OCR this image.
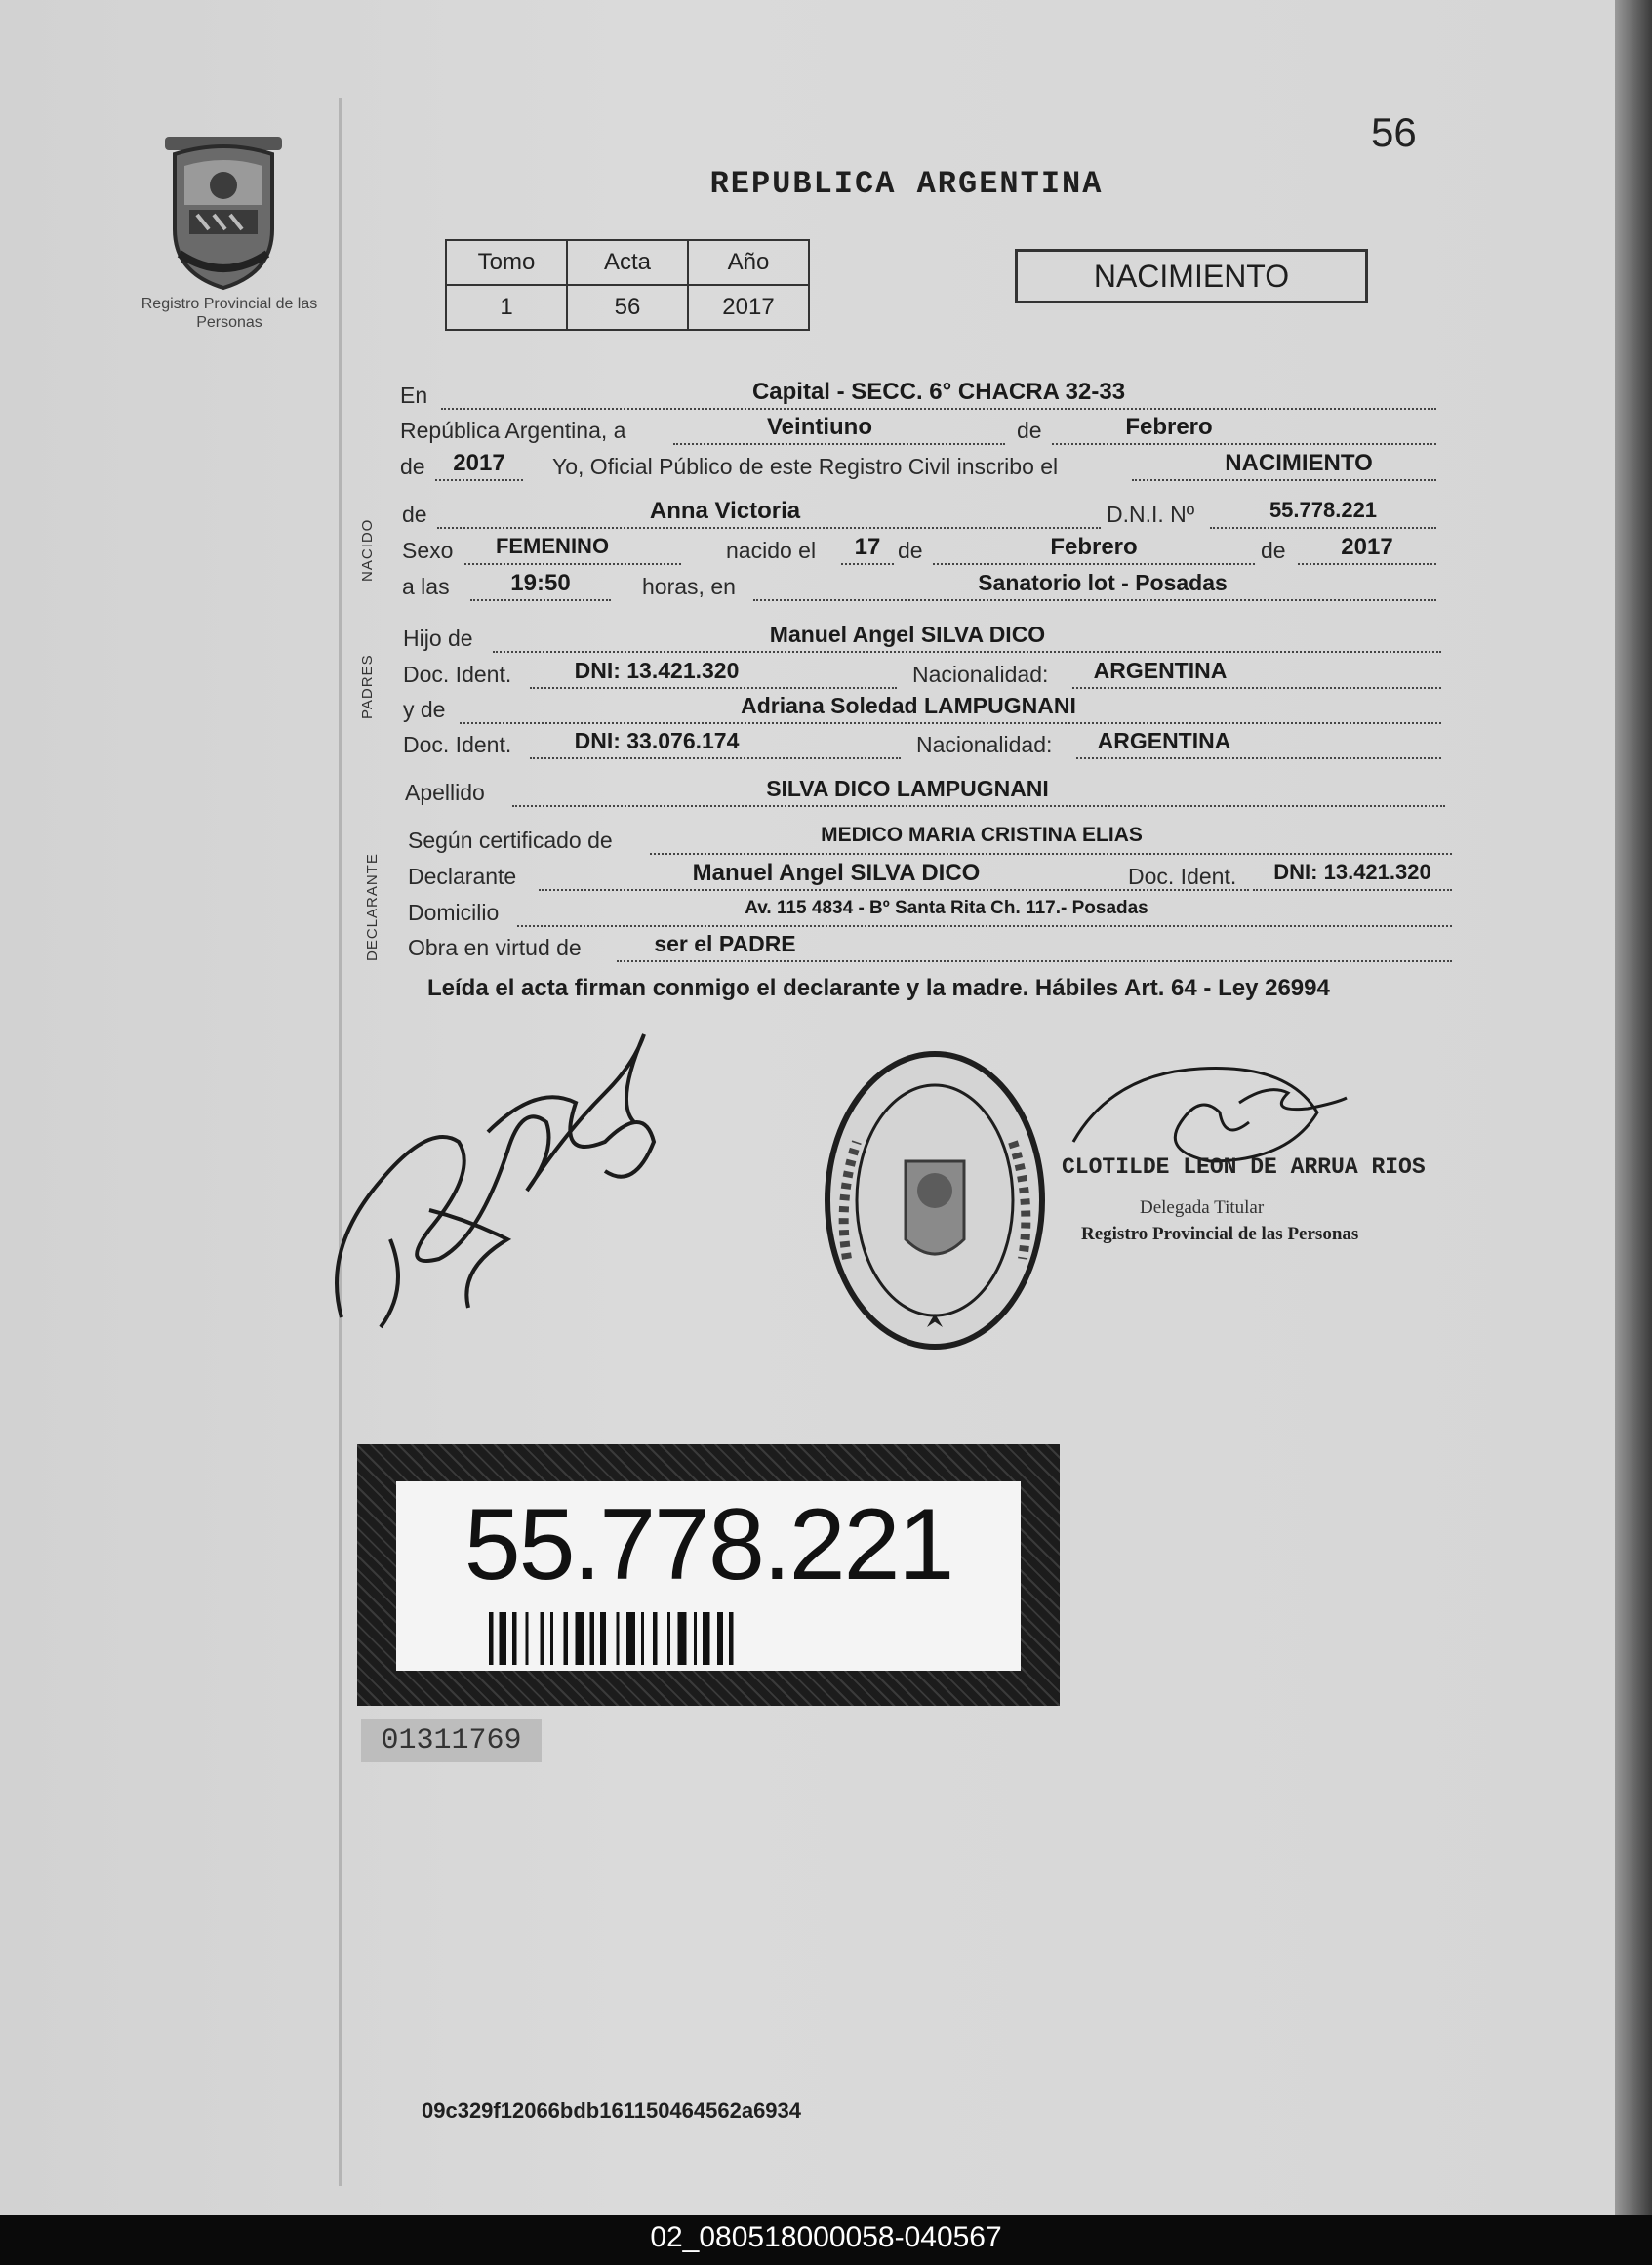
Registro Provincial de las Personas
56
REPUBLICA ARGENTINA
Tomo	Acta	Año
1	56	2017
NACIMIENTO
NACIDO
PADRES
DECLARANTE
En	Capital - SECC. 6° CHACRA 32-33
República Argentina, a	Veintiuno	de	Febrero
de	2017	Yo, Oficial Público de este Registro Civil inscribo el	NACIMIENTO
de	Anna Victoria	D.N.I. Nº	55.778.221
Sexo	FEMENINO	nacido el	17 de	Febrero	de	2017
a las	19:50	horas, en	Sanatorio lot - Posadas
Hijo de	Manuel Angel SILVA DICO
Doc. Ident.	DNI: 13.421.320	Nacionalidad:	ARGENTINA
y de	Adriana Soledad LAMPUGNANI
Doc. Ident.	DNI: 33.076.174	Nacionalidad:	ARGENTINA
Apellido	SILVA DICO LAMPUGNANI
Según certificado de	MEDICO MARIA CRISTINA ELIAS
Declarante	Manuel Angel SILVA DICO	Doc. Ident.	DNI: 13.421.320
Domicilio	Av. 115 4834 - Bº Santa Rita Ch. 117.- Posadas
Obra en virtud de	ser el PADRE
Leída el acta firman conmigo el declarante y la madre. Hábiles Art. 64 - Ley 26994
CLOTILDE LEON DE ARRUA RIOS
Delegada Titular
Registro Provincial de las Personas
55.778.221
01311769
09c329f12066bdb161150464562a6934
02_080518000058-040567
